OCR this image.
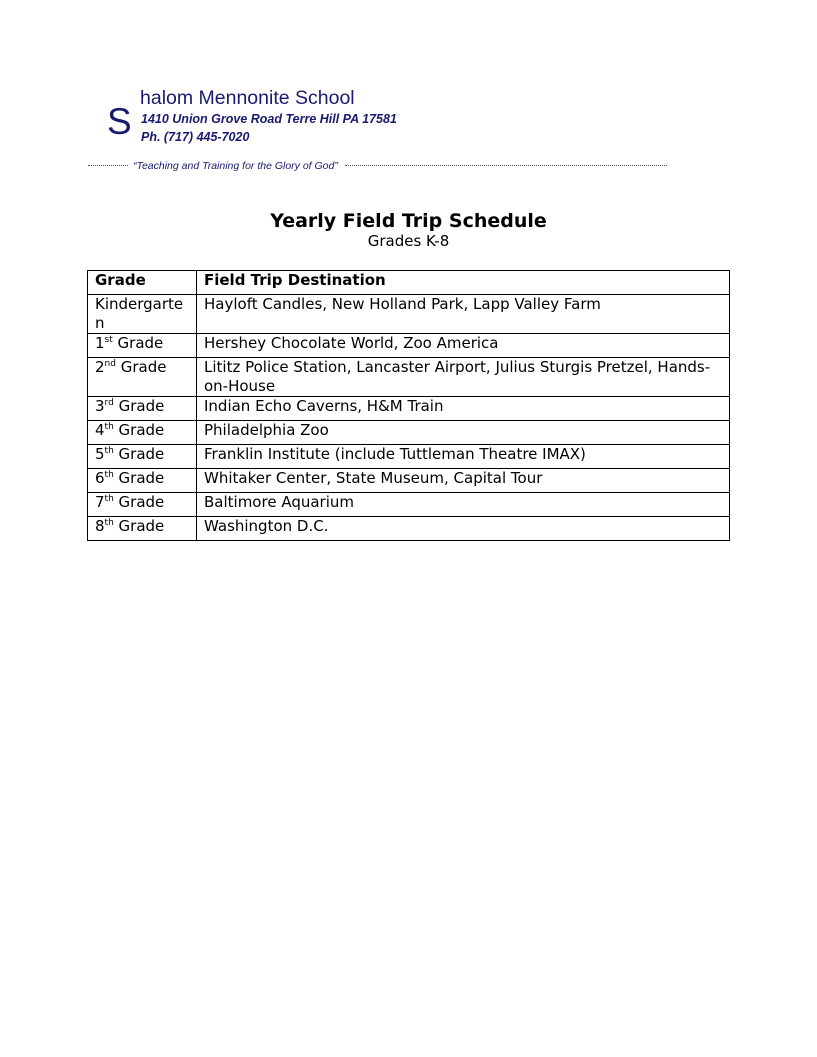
S
halom Mennonite School
1410 Union Grove Road Terre Hill PA 17581
Ph. (717) 445-7020
“Teaching and Training for the Glory of God”
Yearly Field Trip Schedule
Grades K-8
Grade	Field Trip Destination
Kindergarten	Hayloft Candles, New Holland Park, Lapp Valley Farm
1st Grade	Hershey Chocolate World, Zoo America
2nd Grade	Lititz Police Station, Lancaster Airport, Julius Sturgis Pretzel, Hands-on-House
3rd Grade	Indian Echo Caverns, H&M Train
4th Grade	Philadelphia Zoo
5th Grade	Franklin Institute (include Tuttleman Theatre IMAX)
6th Grade	Whitaker Center, State Museum, Capital Tour
7th Grade	Baltimore Aquarium
8th Grade	Washington D.C.
